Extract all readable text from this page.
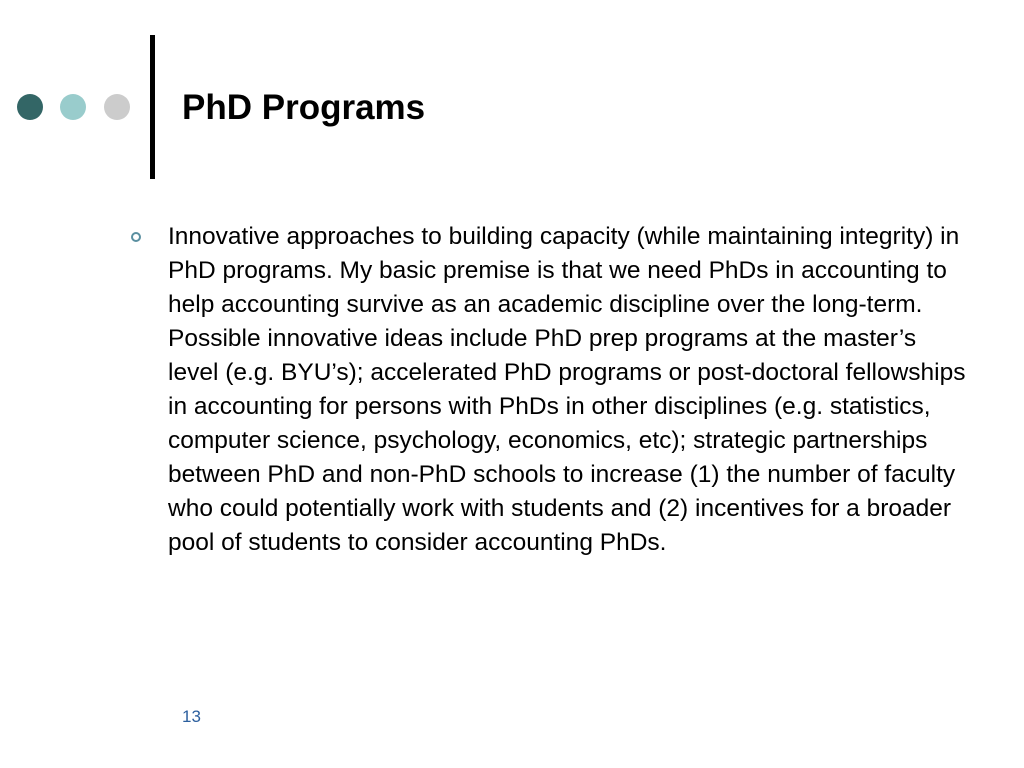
PhD Programs

Innovative approaches to building capacity (while maintaining integrity) in PhD programs. My basic premise is that we need PhDs in accounting to help accounting survive as an academic discipline over the long-term. Possible innovative ideas include PhD prep programs at the master’s level (e.g. BYU’s); accelerated PhD programs or post-doctoral fellowships in accounting for persons with PhDs in other disciplines (e.g. statistics, computer science, psychology, economics, etc); strategic partnerships between PhD and non-PhD schools to increase (1) the number of faculty who could potentially work with students and (2) incentives for a broader pool of students to consider accounting PhDs.

13
